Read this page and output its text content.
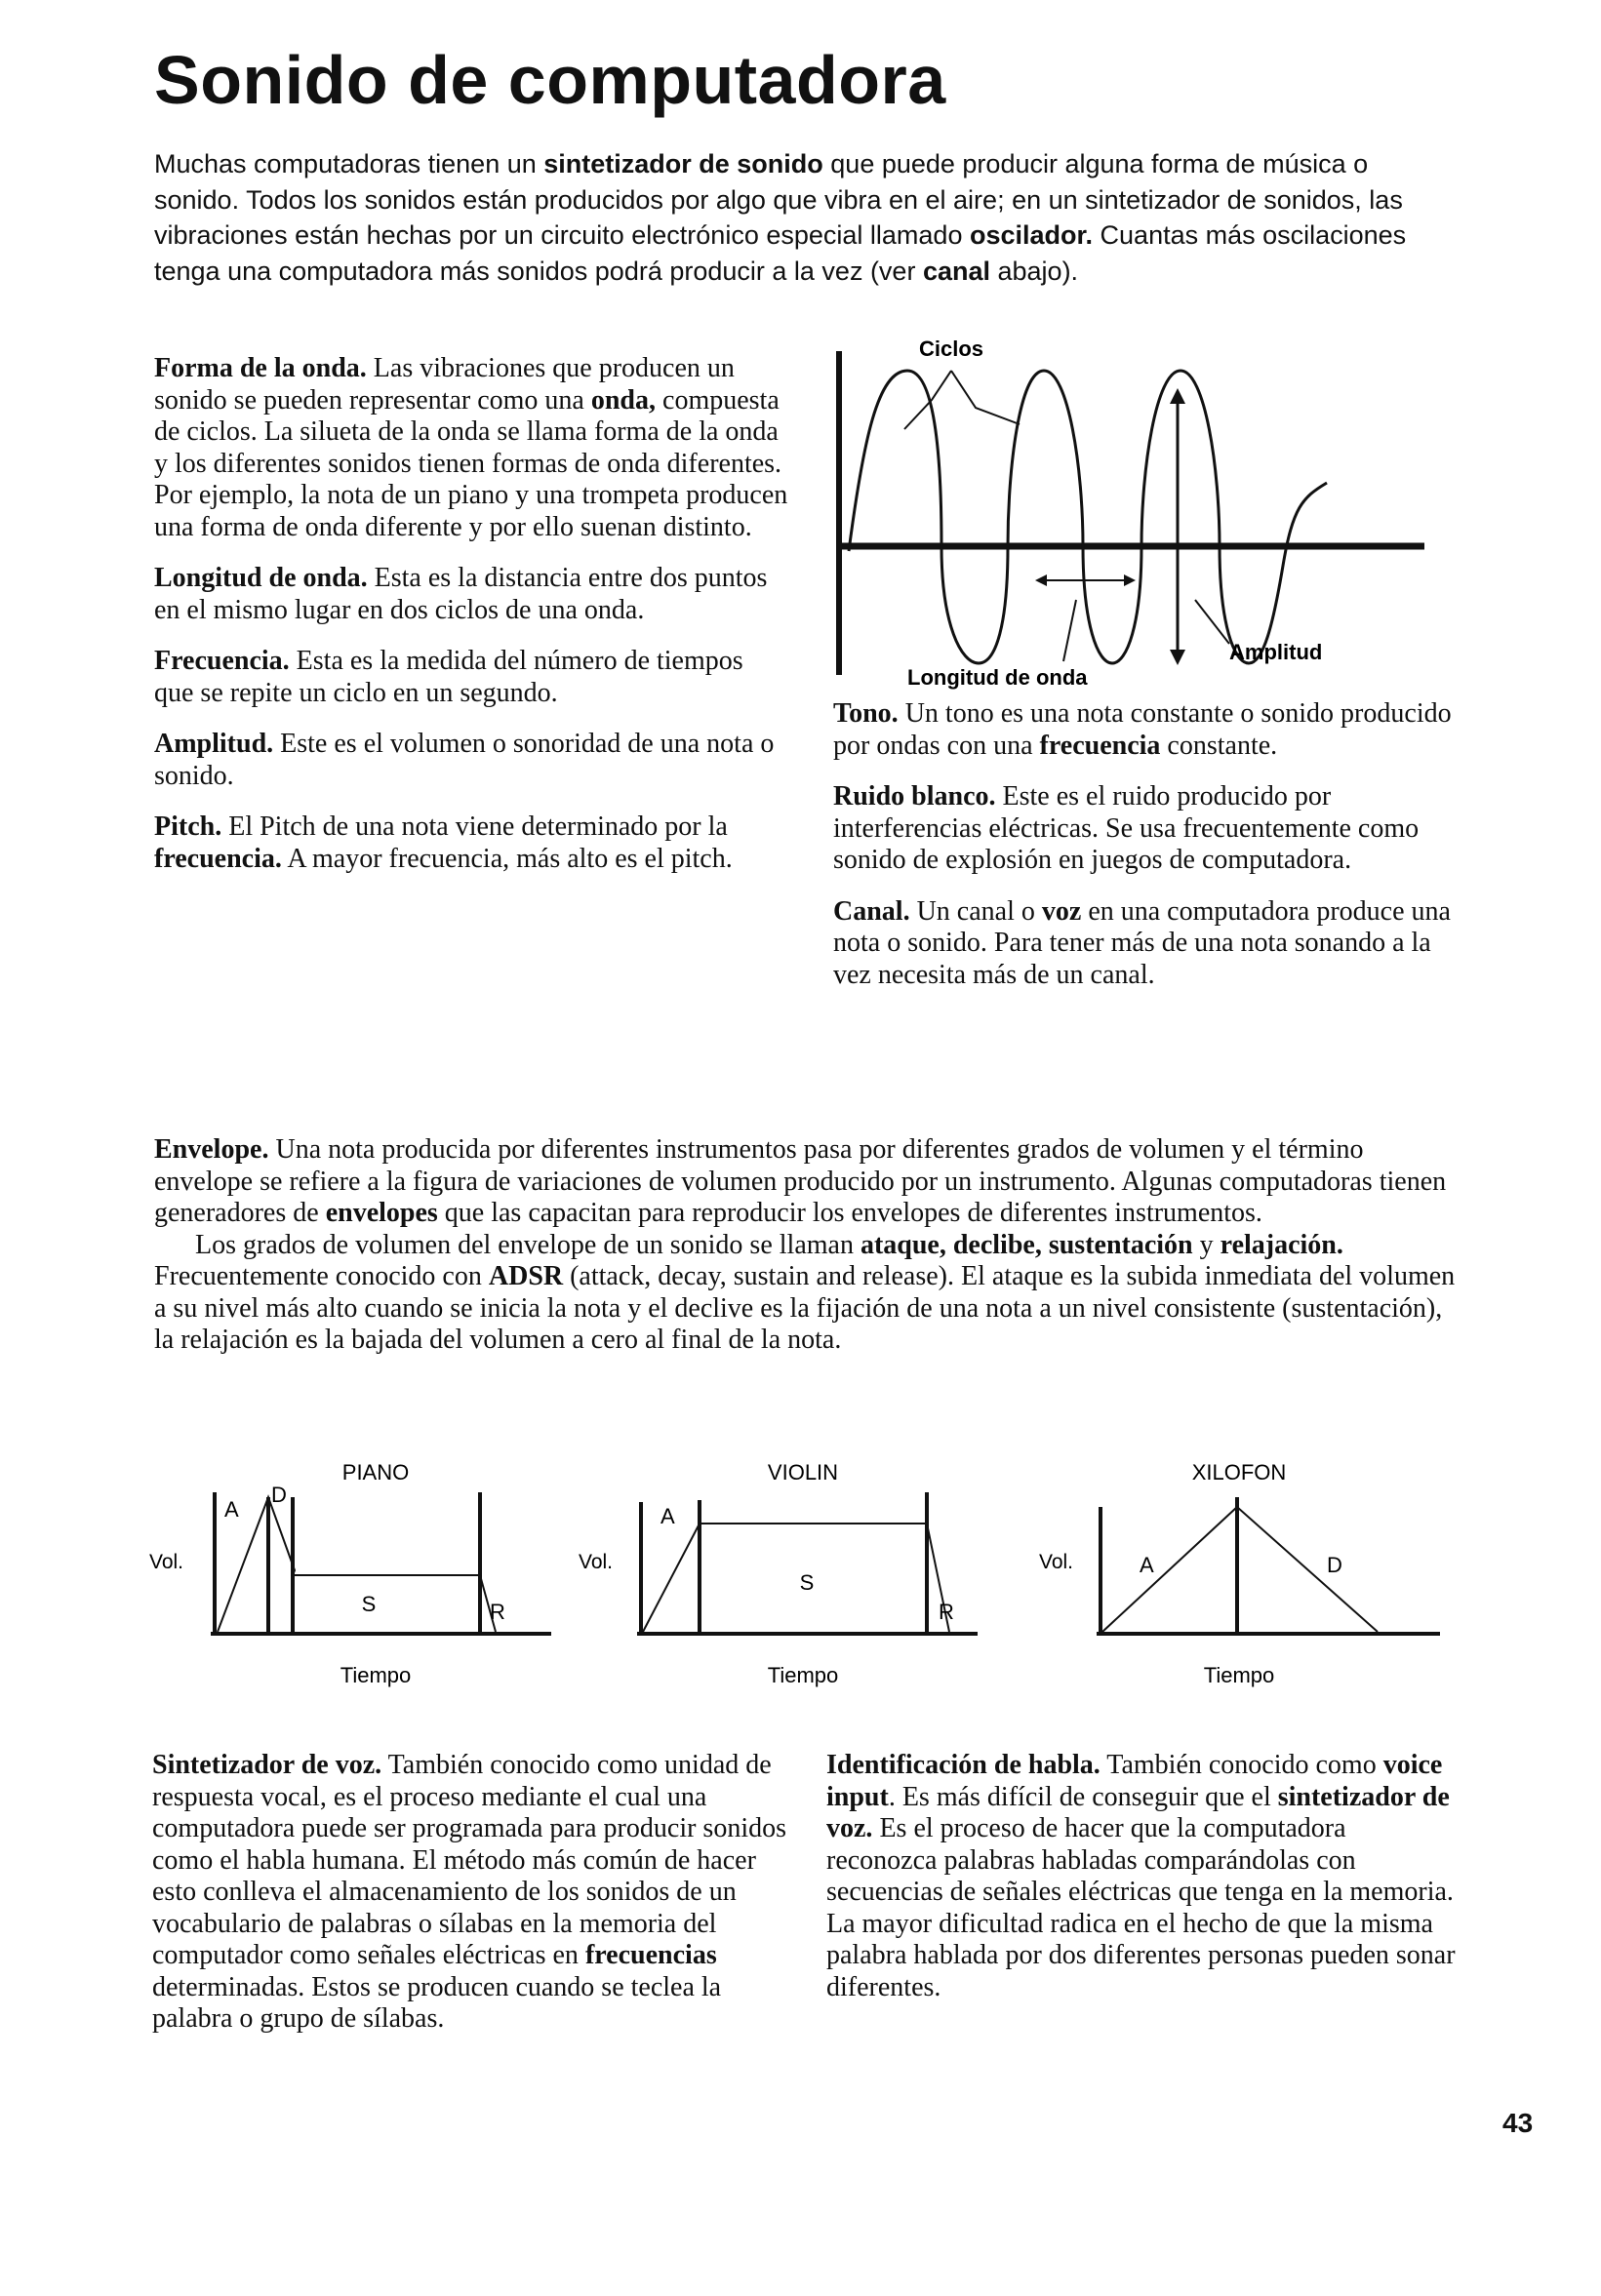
Sonido de computadora

Muchas computadoras tienen un sintetizador de sonido que puede producir alguna forma de música o sonido. Todos los sonidos están producidos por algo que vibra en el aire; en un sintetizador de sonidos, las vibraciones están hechas por un circuito electrónico especial llamado oscilador. Cuantas más oscilaciones tenga una computadora más sonidos podrá producir a la vez (ver canal abajo).

Forma de la onda. Las vibraciones que producen un sonido se pueden representar como una onda, compuesta de ciclos. La silueta de la onda se llama forma de la onda y los diferentes sonidos tienen formas de onda diferentes. Por ejemplo, la nota de un piano y una trompeta producen una forma de onda diferente y por ello suenan distinto.

Longitud de onda. Esta es la distancia entre dos puntos en el mismo lugar en dos ciclos de una onda.

Frecuencia. Esta es la medida del número de tiempos que se repite un ciclo en un segundo.

Amplitud. Este es el volumen o sonoridad de una nota o sonido.

Pitch. El Pitch de una nota viene determinado por la frecuencia. A mayor frecuencia, más alto es el pitch.

Ciclos
Longitud de onda
Amplitud

Tono. Un tono es una nota constante o sonido producido por ondas con una frecuencia constante.

Ruido blanco. Este es el ruido producido por interferencias eléctricas. Se usa frecuentemente como sonido de explosión en juegos de computadora.

Canal. Un canal o voz en una computadora produce una nota o sonido. Para tener más de una nota sonando a la vez necesita más de un canal.

Envelope. Una nota producida por diferentes instrumentos pasa por diferentes grados de volumen y el término envelope se refiere a la figura de variaciones de volumen producido por un instrumento. Algunas computadoras tienen generadores de envelopes que las capacitan para reproducir los envelopes de diferentes instrumentos.

Los grados de volumen del envelope de un sonido se llaman ataque, declibe, sustentación y relajación. Frecuentemente conocido con ADSR (attack, decay, sustain and release). El ataque es la subida inmediata del volumen a su nivel más alto cuando se inicia la nota y el declive es la fijación de una nota a un nivel consistente (sustentación), la relajación es la bajada del volumen a cero al final de la nota.

PIANO
Vol.
Tiempo
A
D
S	R
VIOLIN
Vol.
Tiempo
A
S
R
XILOFON
Vol.
Tiempo
A	D

Sintetizador de voz. También conocido como unidad de respuesta vocal, es el proceso mediante el cual una computadora puede ser programada para producir sonidos como el habla humana. El método más común de hacer esto conlleva el almacenamiento de los sonidos de un vocabulario de palabras o sílabas en la memoria del computador como señales eléctricas en frecuencias determinadas. Estos se producen cuando se teclea la palabra o grupo de sílabas.

Identificación de habla. También conocido como voice input. Es más difícil de conseguir que el sintetizador de voz. Es el proceso de hacer que la computadora reconozca palabras habladas comparándolas con secuencias de señales eléctricas que tenga en la memoria. La mayor dificultad radica en el hecho de que la misma palabra hablada por dos diferentes personas pueden sonar diferentes.

43
